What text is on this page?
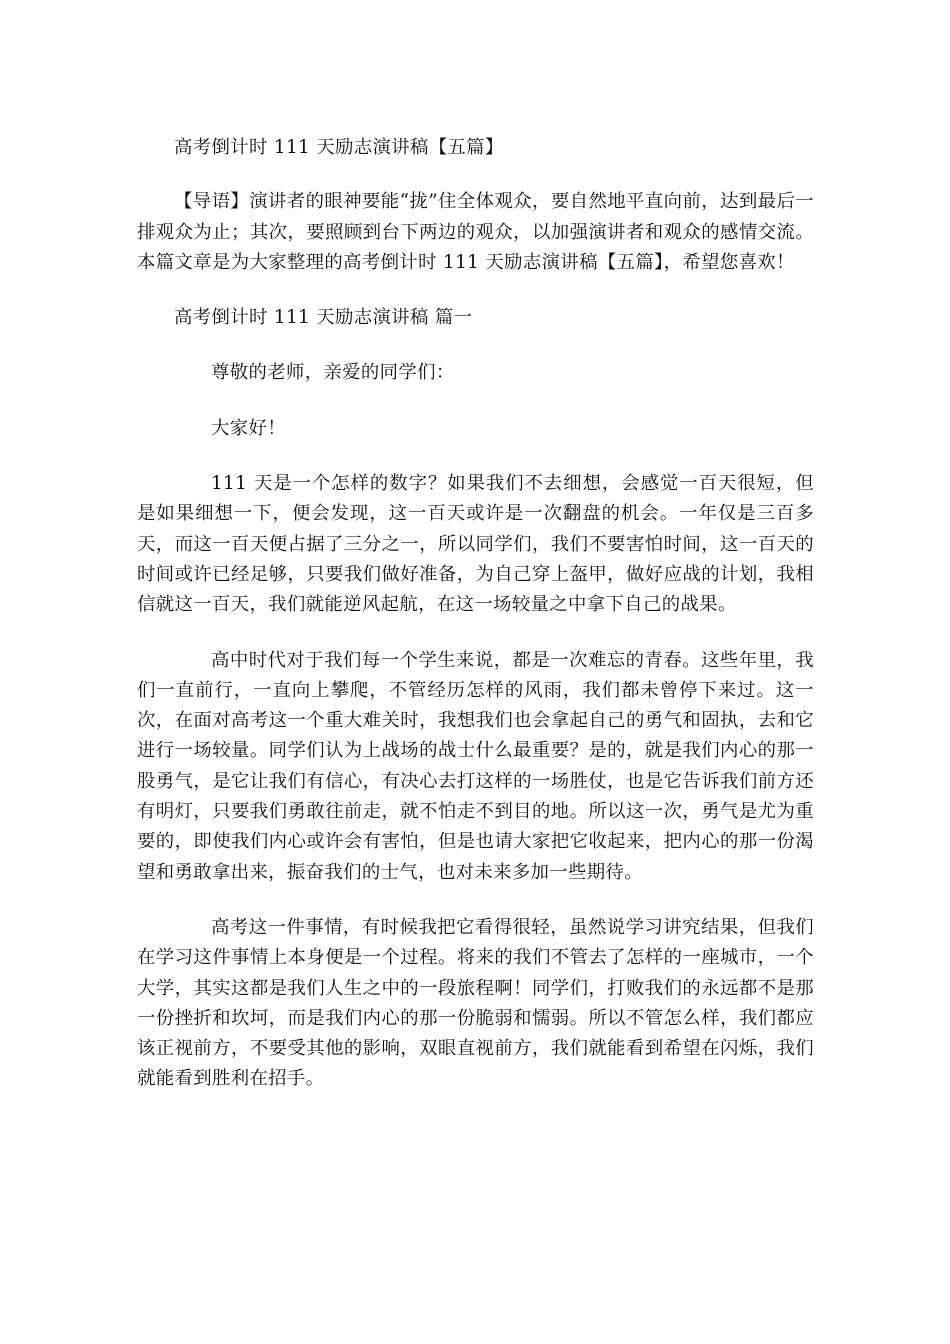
高考倒计时 111 天励志演讲稿【五篇】

【导语】演讲者的眼神要能“拢”住全体观众，要自然地平直向前，达到最后一排观众为止；其次，要照顾到台下两边的观众，以加强演讲者和观众的感情交流。本篇文章是为大家整理的高考倒计时 111 天励志演讲稿【五篇】，希望您喜欢！

高考倒计时 111 天励志演讲稿 篇一

尊敬的老师，亲爱的同学们：

大家好！

111 天是一个怎样的数字？如果我们不去细想，会感觉一百天很短，但是如果细想一下，便会发现，这一百天或许是一次翻盘的机会。一年仅是三百多天，而这一百天便占据了三分之一，所以同学们，我们不要害怕时间，这一百天的时间或许已经足够，只要我们做好准备，为自己穿上盔甲，做好应战的计划，我相信就这一百天，我们就能逆风起航，在这一场较量之中拿下自己的战果。

高中时代对于我们每一个学生来说，都是一次难忘的青春。这些年里，我们一直前行，一直向上攀爬，不管经历怎样的风雨，我们都未曾停下来过。这一次，在面对高考这一个重大难关时，我想我们也会拿起自己的勇气和固执，去和它进行一场较量。同学们认为上战场的战士什么最重要？是的，就是我们内心的那一股勇气，是它让我们有信心，有决心去打这样的一场胜仗，也是它告诉我们前方还有明灯，只要我们勇敢往前走，就不怕走不到目的地。所以这一次，勇气是尤为重要的，即使我们内心或许会有害怕，但是也请大家把它收起来，把内心的那一份渴望和勇敢拿出来，振奋我们的士气，也对未来多加一些期待。

高考这一件事情，有时候我把它看得很轻，虽然说学习讲究结果，但我们在学习这件事情上本身便是一个过程。将来的我们不管去了怎样的一座城市，一个大学，其实这都是我们人生之中的一段旅程啊！同学们，打败我们的永远都不是那一份挫折和坎坷，而是我们内心的那一份脆弱和懦弱。所以不管怎么样，我们都应该正视前方，不要受其他的影响，双眼直视前方，我们就能看到希望在闪烁，我们就能看到胜利在招手。
